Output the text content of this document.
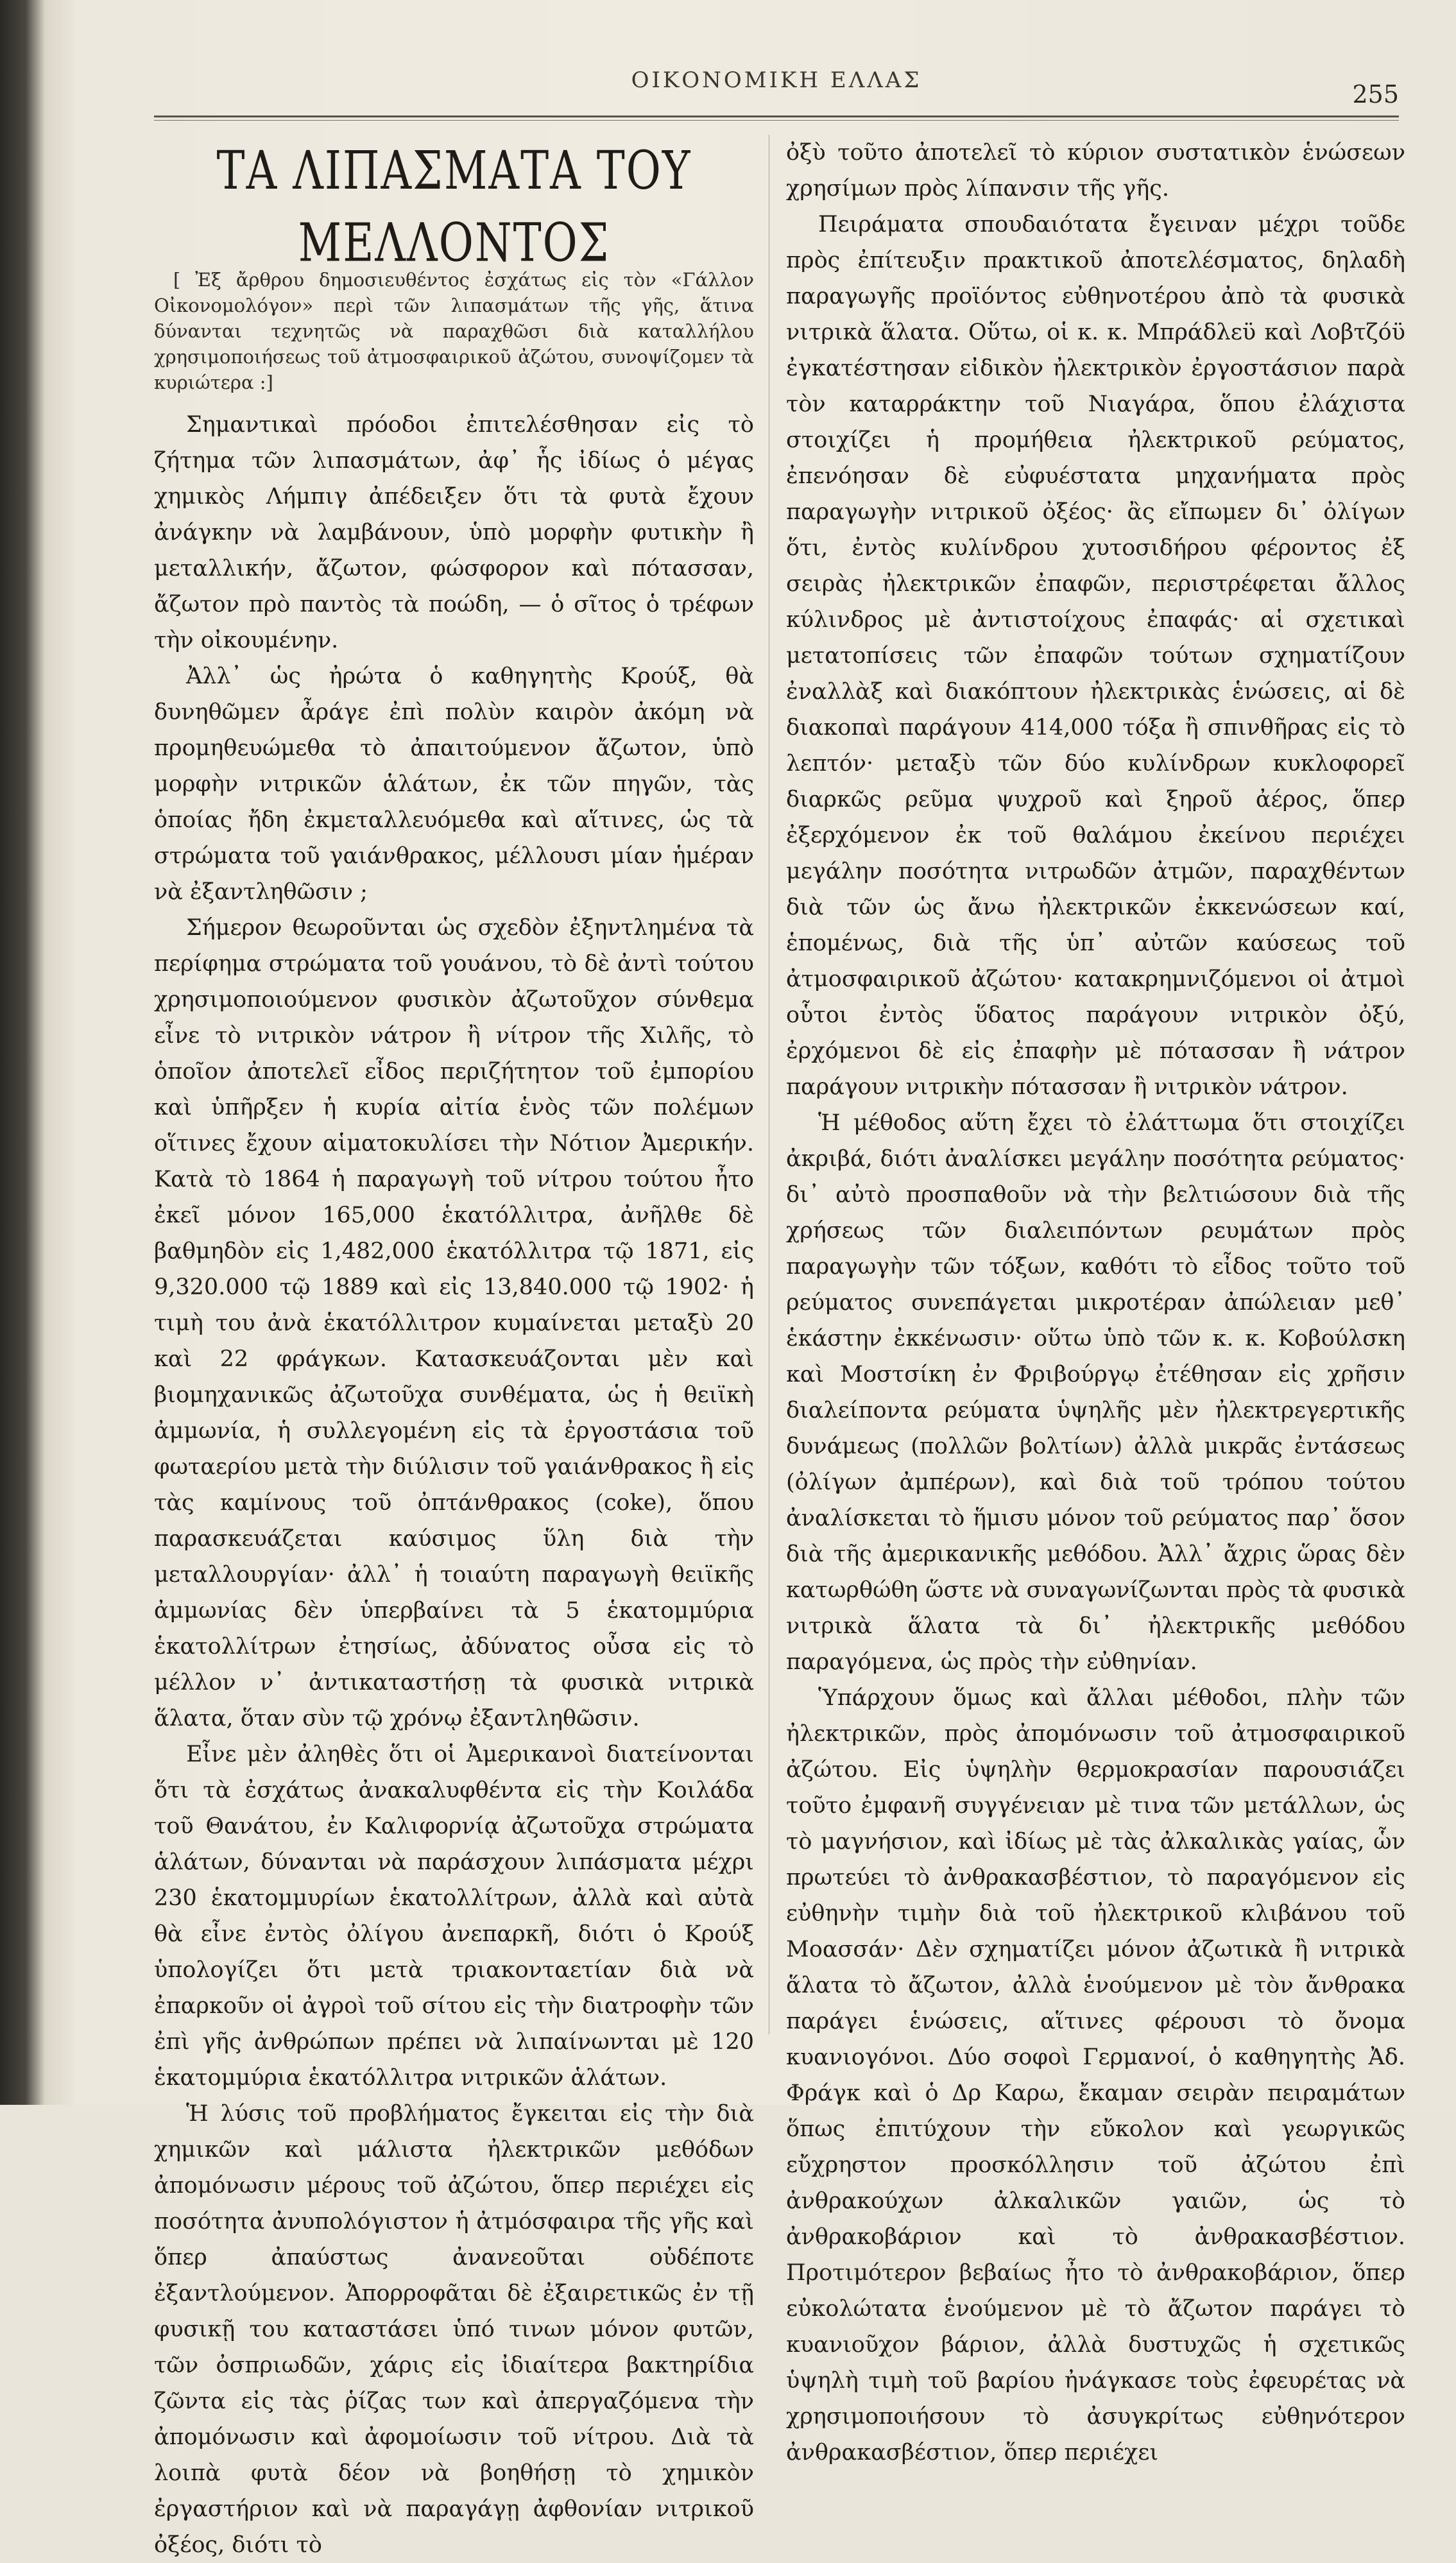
ΟΙΚΟΝΟΜΙΚΗ ΕΛΛΑΣ	255
ΤΑ ΛΙΠΑΣΜΑΤΑ ΤΟΥ ΜΕΛΛΟΝΤΟΣ

[ Ἐξ ἄρθρου δημοσιευθέντος ἐσχάτως εἰς τὸν «Γάλλον Οἰκονομολόγον» περὶ τῶν λιπασμάτων τῆς γῆς, ἅτινα δύνανται τεχνητῶς νὰ παραχθῶσι διὰ καταλλήλου χρησιμοποιήσεως τοῦ ἀτμοσφαιρικοῦ ἀζώτου, συνοψίζομεν τὰ κυριώτερα :]

Σημαντικαὶ πρόοδοι ἐπιτελέσθησαν εἰς τὸ ζήτημα τῶν λιπασμάτων, ἀφ᾿ ἧς ἰδίως ὁ μέγας χημικὸς Λήμπιγ ἀπέδειξεν ὅτι τὰ φυτὰ ἔχουν ἀνάγκην νὰ λαμβάνουν, ὑπὸ μορφὴν φυτικὴν ἢ μεταλλικήν, ἄζωτον, φώσφορον καὶ πότασσαν, ἄζωτον πρὸ παντὸς τὰ ποώδη, — ὁ σῖτος ὁ τρέφων τὴν οἰκουμένην.

Ἀλλ᾿ ὡς ἠρώτα ὁ καθηγητὴς Κρούξ, θὰ δυνηθῶμεν ἆράγε ἐπὶ πολὺν καιρὸν ἀκόμη νὰ προμηθευώμεθα τὸ ἀπαιτούμενον ἄζωτον, ὑπὸ μορφὴν νιτρικῶν ἁλάτων, ἐκ τῶν πηγῶν, τὰς ὁποίας ἤδη ἐκμεταλλευόμεθα καὶ αἵτινες, ὡς τὰ στρώματα τοῦ γαιάνθρακος, μέλλουσι μίαν ἡμέραν νὰ ἐξαντληθῶσιν ;

Σήμερον θεωροῦνται ὡς σχεδὸν ἐξηντλημένα τὰ περίφημα στρώματα τοῦ γουάνου, τὸ δὲ ἀντὶ τούτου χρησιμοποιούμενον φυσικὸν ἀζωτοῦχον σύνθεμα εἶνε τὸ νιτρικὸν νάτρον ἢ νίτρον τῆς Χιλῆς, τὸ ὁποῖον ἀποτελεῖ εἶδος περιζήτητον τοῦ ἐμπορίου καὶ ὑπῆρξεν ἡ κυρία αἰτία ἑνὸς τῶν πολέμων οἵτινες ἔχουν αἱματοκυλίσει τὴν Νότιον Ἀμερικήν. Κατὰ τὸ 1864 ἡ παραγωγὴ τοῦ νίτρου τούτου ἦτο ἐκεῖ μόνον 165,000 ἑκατόλλιτρα, ἀνῆλθε δὲ βαθμηδὸν εἰς 1,482,000 ἑκατόλλιτρα τῷ 1871, εἰς 9,320.000 τῷ 1889 καὶ εἰς 13,840.000 τῷ 1902· ἡ τιμὴ του ἀνὰ ἑκατόλλιτρον κυμαίνεται μεταξὺ 20 καὶ 22 φράγκων. Κατασκευάζονται μὲν καὶ βιομηχανικῶς ἀζωτοῦχα συνθέματα, ὡς ἡ θειϊκὴ ἀμμωνία, ἡ συλλεγομένη εἰς τὰ ἐργοστάσια τοῦ φωταερίου μετὰ τὴν διύλισιν τοῦ γαιάνθρακος ἢ εἰς τὰς καμίνους τοῦ ὀπτάνθρακος (coke), ὅπου παρασκευάζεται καύσιμος ὕλη διὰ τὴν μεταλλουργίαν· ἀλλ᾿ ἡ τοιαύτη παραγωγὴ θειϊκῆς ἀμμωνίας δὲν ὑπερβαίνει τὰ 5 ἑκατομμύρια ἑκατολλίτρων ἐτησίως, ἀδύνατος οὖσα εἰς τὸ μέλλον ν᾿ ἀντικαταστήσῃ τὰ φυσικὰ νιτρικὰ ἅλατα, ὅταν σὺν τῷ χρόνῳ ἐξαντληθῶσιν.

Εἶνε μὲν ἀληθὲς ὅτι οἱ Ἀμερικανοὶ διατείνονται ὅτι τὰ ἐσχάτως ἀνακαλυφθέντα εἰς τὴν Κοιλάδα τοῦ Θανάτου, ἐν Καλιφορνίᾳ ἀζωτοῦχα στρώματα ἁλάτων, δύνανται νὰ παράσχουν λιπάσματα μέχρι 230 ἑκατομμυρίων ἑκατολλίτρων, ἀλλὰ καὶ αὐτὰ θὰ εἶνε ἐντὸς ὀλίγου ἀνεπαρκῆ, διότι ὁ Κρούξ ὑπολογίζει ὅτι μετὰ τριακονταετίαν διὰ νὰ ἐπαρκοῦν οἱ ἀγροὶ τοῦ σίτου εἰς τὴν διατροφὴν τῶν ἐπὶ γῆς ἀνθρώπων πρέπει νὰ λιπαίνωνται μὲ 120 ἑκατομμύρια ἑκατόλλιτρα νιτρικῶν ἁλάτων.

Ἡ λύσις τοῦ προβλήματος ἔγκειται εἰς τὴν διὰ χημικῶν καὶ μάλιστα ἠλεκτρικῶν μεθόδων ἀπομόνωσιν μέρους τοῦ ἀζώτου, ὅπερ περιέχει εἰς ποσότητα ἀνυπολόγιστον ἡ ἀτμόσφαιρα τῆς γῆς καὶ ὅπερ ἀπαύστως ἀνανεοῦται οὐδέποτε ἐξαντλούμενον. Ἀπορροφᾶται δὲ ἐξαιρετικῶς ἐν τῇ φυσικῇ του καταστάσει ὑπό τινων μόνον φυτῶν, τῶν ὀσπριωδῶν, χάρις εἰς ἰδιαίτερα βακτηρίδια ζῶντα εἰς τὰς ῥίζας των καὶ ἀπεργαζόμενα τὴν ἀπομόνωσιν καὶ ἀφομοίωσιν τοῦ νίτρου. Διὰ τὰ λοιπὰ φυτὰ δέον νὰ βοηθήσῃ τὸ χημικὸν ἐργαστήριον καὶ νὰ παραγάγῃ ἀφθονίαν νιτρικοῦ ὀξέος, διότι τὸ

ὀξὺ τοῦτο ἀποτελεῖ τὸ κύριον συστατικὸν ἑνώσεων χρησίμων πρὸς λίπανσιν τῆς γῆς.

Πειράματα σπουδαιότατα ἔγειναν μέχρι τοῦδε πρὸς ἐπίτευξιν πρακτικοῦ ἀποτελέσματος, δηλαδὴ παραγωγῆς προϊόντος εὐθηνοτέρου ἀπὸ τὰ φυσικὰ νιτρικὰ ἅλατα. Οὕτω, οἱ κ. κ. Μπράδλεϋ καὶ Λοβτζόϋ ἐγκατέστησαν εἰδικὸν ἠλεκτρικὸν ἐργοστάσιον παρὰ τὸν καταρράκτην τοῦ Νιαγάρα, ὅπου ἐλάχιστα στοιχίζει ἡ προμήθεια ἠλεκτρικοῦ ρεύματος, ἐπενόησαν δὲ εὐφυέστατα μηχανήματα πρὸς παραγωγὴν νιτρικοῦ ὀξέος· ἂς εἴπωμεν δι᾿ ὀλίγων ὅτι, ἐντὸς κυλίνδρου χυτοσιδήρου φέροντος ἐξ σειρὰς ἠλεκτρικῶν ἐπαφῶν, περιστρέφεται ἄλλος κύλινδρος μὲ ἀντιστοίχους ἐπαφάς· αἱ σχετικαὶ μετατοπίσεις τῶν ἐπαφῶν τούτων σχηματίζουν ἐναλλὰξ καὶ διακόπτουν ἠλεκτρικὰς ἑνώσεις, αἱ δὲ διακοπαὶ παράγουν 414,000 τόξα ἢ σπινθῆρας εἰς τὸ λεπτόν· μεταξὺ τῶν δύο κυλίνδρων κυκλοφορεῖ διαρκῶς ρεῦμα ψυχροῦ καὶ ξηροῦ ἀέρος, ὅπερ ἐξερχόμενον ἐκ τοῦ θαλάμου ἐκείνου περιέχει μεγάλην ποσότητα νιτρωδῶν ἀτμῶν, παραχθέντων διὰ τῶν ὡς ἄνω ἠλεκτρικῶν ἐκκενώσεων καί, ἑπομένως, διὰ τῆς ὑπ᾿ αὐτῶν καύσεως τοῦ ἀτμοσφαιρικοῦ ἀζώτου· κατακρημνιζόμενοι οἱ ἀτμοὶ οὗτοι ἐντὸς ὕδατος παράγουν νιτρικὸν ὀξύ, ἐρχόμενοι δὲ εἰς ἐπαφὴν μὲ πότασσαν ἢ νάτρον παράγουν νιτρικὴν πότασσαν ἢ νιτρικὸν νάτρον.

Ἡ μέθοδος αὕτη ἔχει τὸ ἐλάττωμα ὅτι στοιχίζει ἀκριβά, διότι ἀναλίσκει μεγάλην ποσότητα ρεύματος· δι᾿ αὐτὸ προσπαθοῦν νὰ τὴν βελτιώσουν διὰ τῆς χρήσεως τῶν διαλειπόντων ρευμάτων πρὸς παραγωγὴν τῶν τόξων, καθότι τὸ εἶδος τοῦτο τοῦ ρεύματος συνεπάγεται μικροτέραν ἀπώλειαν μεθ᾿ ἑκάστην ἐκκένωσιν· οὕτω ὑπὸ τῶν κ. κ. Κοβούλσκη καὶ Μοστσίκη ἐν Φριβούργῳ ἐτέθησαν εἰς χρῆσιν διαλείποντα ρεύματα ὑψηλῆς μὲν ἠλεκτρεγερτικῆς δυνάμεως (πολλῶν βολτίων) ἀλλὰ μικρᾶς ἐντάσεως (ὀλίγων ἀμπέρων), καὶ διὰ τοῦ τρόπου τούτου ἀναλίσκεται τὸ ἥμισυ μόνον τοῦ ρεύματος παρ᾿ ὅσον διὰ τῆς ἀμερικανικῆς μεθόδου. Ἀλλ᾿ ἄχρις ὥρας δὲν κατωρθώθη ὥστε νὰ συναγωνίζωνται πρὸς τὰ φυσικὰ νιτρικὰ ἅλατα τὰ δι᾿ ἠλεκτρικῆς μεθόδου παραγόμενα, ὡς πρὸς τὴν εὐθηνίαν.

Ὑπάρχουν ὅμως καὶ ἄλλαι μέθοδοι, πλὴν τῶν ἠλεκτρικῶν, πρὸς ἀπομόνωσιν τοῦ ἀτμοσφαιρικοῦ ἀζώτου. Εἰς ὑψηλὴν θερμοκρασίαν παρουσιάζει τοῦτο ἐμφανῆ συγγένειαν μὲ τινα τῶν μετάλλων, ὡς τὸ μαγνήσιον, καὶ ἰδίως μὲ τὰς ἀλκαλικὰς γαίας, ὧν πρωτεύει τὸ ἀνθρακασβέστιον, τὸ παραγόμενον εἰς εὐθηνὴν τιμὴν διὰ τοῦ ἠλεκτρικοῦ κλιβάνου τοῦ Μοασσάν· Δὲν σχηματίζει μόνον ἀζωτικὰ ἢ νιτρικὰ ἅλατα τὸ ἄζωτον, ἀλλὰ ἑνούμενον μὲ τὸν ἄνθρακα παράγει ἑνώσεις, αἵτινες φέρουσι τὸ ὄνομα κυανιογόνοι. Δύο σοφοὶ Γερμανοί, ὁ καθηγητὴς Ἀδ. Φράγκ καὶ ὁ Δρ Καρω, ἔκαμαν σειρὰν πειραμάτων ὅπως ἐπιτύχουν τὴν εὔκολον καὶ γεωργικῶς εὔχρηστον προσκόλλησιν τοῦ ἀζώτου ἐπὶ ἀνθρακούχων ἀλκαλικῶν γαιῶν, ὡς τὸ ἀνθρακοβάριον καὶ τὸ ἀνθρακασβέστιον. Προτιμότερον βεβαίως ἦτο τὸ ἀνθρακοβάριον, ὅπερ εὐκολώτατα ἑνούμενον μὲ τὸ ἄζωτον παράγει τὸ κυανιοῦχον βάριον, ἀλλὰ δυστυχῶς ἡ σχετικῶς ὑψηλὴ τιμὴ τοῦ βαρίου ἠνάγκασε τοὺς ἐφευρέτας νὰ χρησιμοποιήσουν τὸ ἀσυγκρίτως εὐθηνότερον ἀνθρακασβέστιον, ὅπερ περιέχει
